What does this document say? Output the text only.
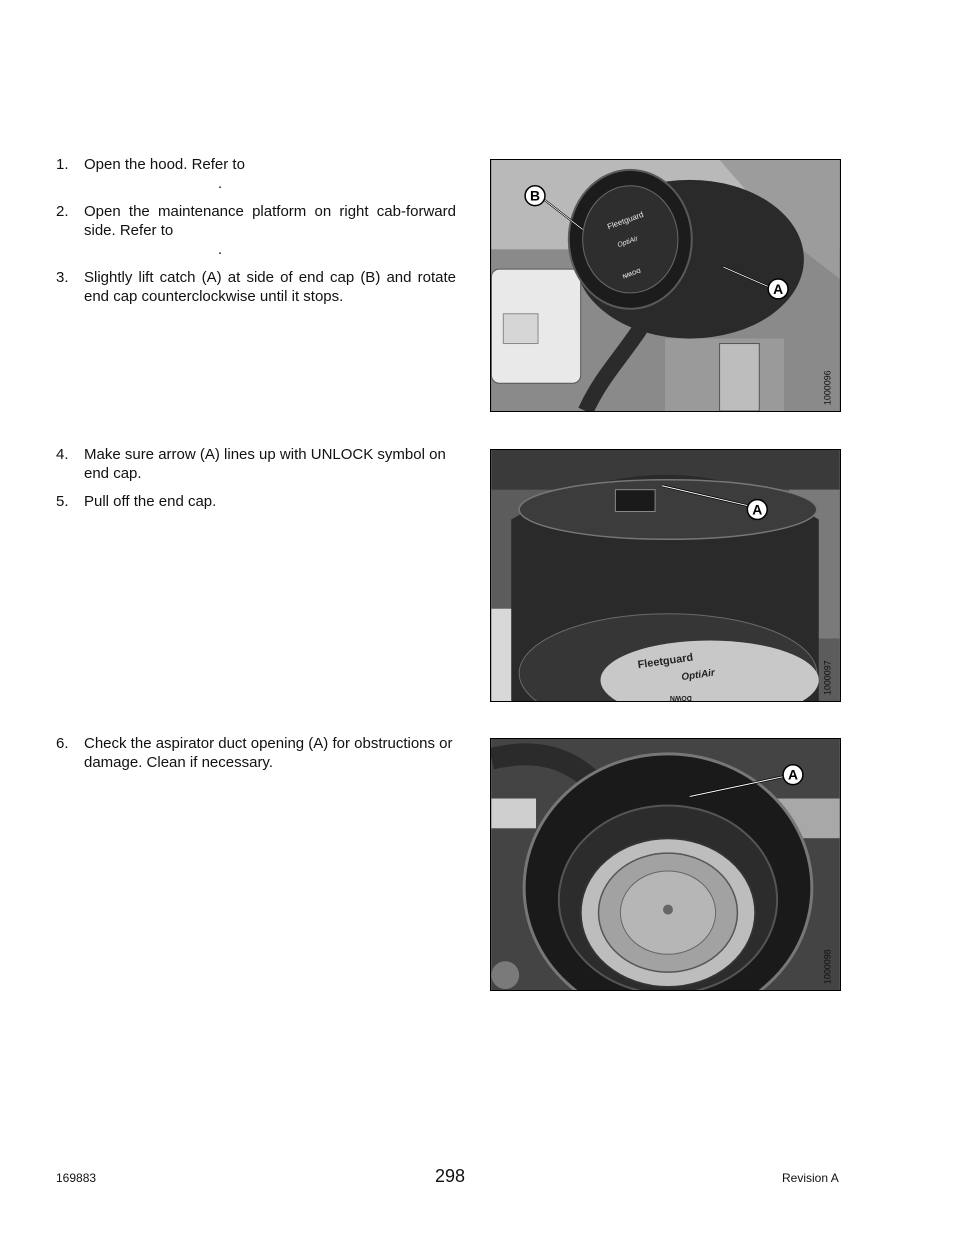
1. Open the hood. Refer to
.
2. Open the maintenance platform on right cab-forward side. Refer to
.
3. Slightly lift catch (A) at side of end cap (B) and rotate end cap counterclockwise until it stops.
4. Make sure arrow (A) lines up with UNLOCK symbol on end cap.
5. Pull off the end cap.
6. Check the aspirator duct opening (A) for obstructions or damage. Clean if necessary.
Fleetguard
OptiAir
DOWN
B
A
1000096
Fleetguard
OptiAir
DOWN
A
1000097
A
1000098
169883	298	Revision A
